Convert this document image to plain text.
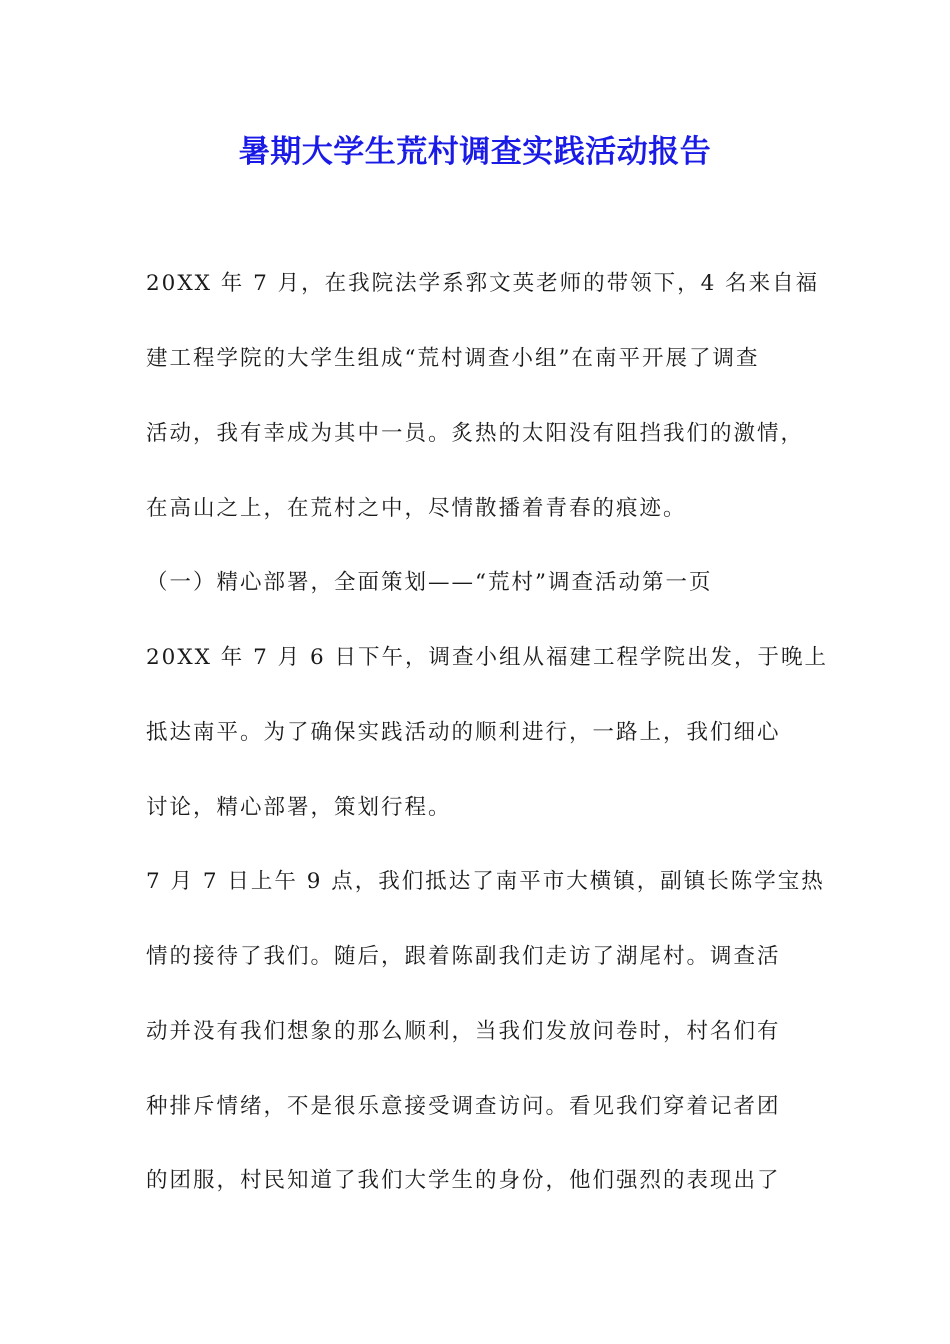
暑期大学生荒村调查实践活动报告
20XX 年 7 月，在我院法学系郛文英老师的带领下，4 名来自福
建工程学院的大学生组成“荒村调查小组”在南平开展了调查
活动，我有幸成为其中一员。炙热的太阳没有阻挡我们的激情，
在高山之上，在荒村之中，尽情散播着青春的痕迹。
（一）精心部署，全面策划——“荒村”调查活动第一页
20XX 年 7 月 6 日下午，调查小组从福建工程学院出发，于晚上
抵达南平。为了确保实践活动的顺利进行，一路上，我们细心
讨论，精心部署，策划行程。
7 月 7 日上午 9 点，我们抵达了南平市大横镇，副镇长陈学宝热
情的接待了我们。随后，跟着陈副我们走访了湖尾村。调查活
动并没有我们想象的那么顺利，当我们发放问卷时，村名们有
种排斥情绪，不是很乐意接受调查访问。看见我们穿着记者团
的团服，村民知道了我们大学生的身份，他们强烈的表现出了
